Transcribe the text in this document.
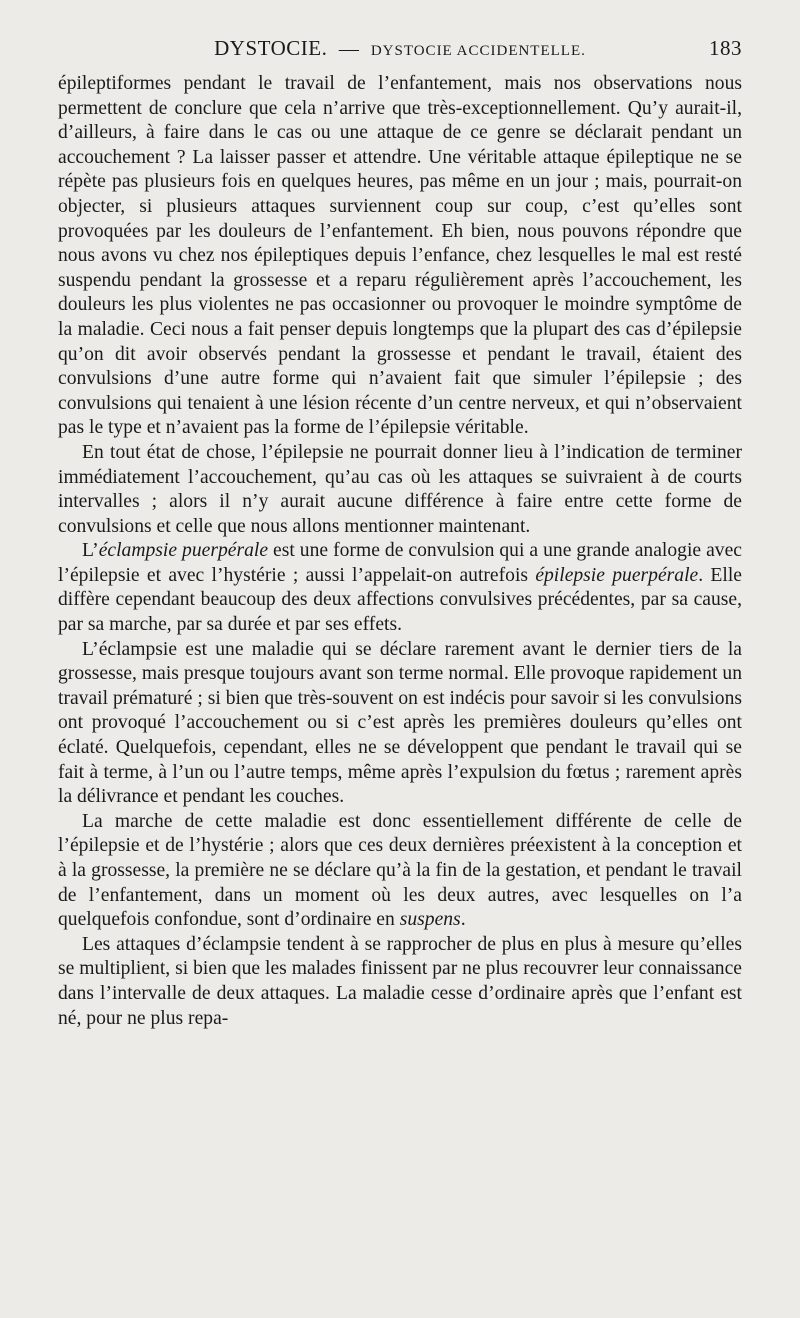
DYSTOCIE. — DYSTOCIE ACCIDENTELLE.	183

épileptiformes pendant le travail de l’enfantement, mais nos observations nous permettent de conclure que cela n’arrive que très-exceptionnellement. Qu’y aurait-il, d’ailleurs, à faire dans le cas ou une attaque de ce genre se déclarait pendant un accouchement ? La laisser passer et attendre. Une véritable attaque épileptique ne se répète pas plusieurs fois en quelques heures, pas même en un jour ; mais, pourrait-on objecter, si plusieurs attaques surviennent coup sur coup, c’est qu’elles sont provoquées par les douleurs de l’enfantement. Eh bien, nous pouvons répondre que nous avons vu chez nos épileptiques depuis l’enfance, chez lesquelles le mal est resté suspendu pendant la grossesse et a reparu régulièrement après l’accouchement, les douleurs les plus violentes ne pas occasionner ou provoquer le moindre symptôme de la maladie. Ceci nous a fait penser depuis longtemps que la plupart des cas d’épilepsie qu’on dit avoir observés pendant la grossesse et pendant le travail, étaient des convulsions d’une autre forme qui n’avaient fait que simuler l’épilepsie ; des convulsions qui tenaient à une lésion récente d’un centre nerveux, et qui n’observaient pas le type et n’avaient pas la forme de l’épilepsie véritable.

En tout état de chose, l’épilepsie ne pourrait donner lieu à l’indication de terminer immédiatement l’accouchement, qu’au cas où les attaques se suivraient à de courts intervalles ; alors il n’y aurait aucune différence à faire entre cette forme de convulsions et celle que nous allons mentionner maintenant.

L’éclampsie puerpérale est une forme de convulsion qui a une grande analogie avec l’épilepsie et avec l’hystérie ; aussi l’appelait-on autrefois épilepsie puerpérale. Elle diffère cependant beaucoup des deux affections convulsives précédentes, par sa cause, par sa marche, par sa durée et par ses effets.

L’éclampsie est une maladie qui se déclare rarement avant le dernier tiers de la grossesse, mais presque toujours avant son terme normal. Elle provoque rapidement un travail prématuré ; si bien que très-souvent on est indécis pour savoir si les convulsions ont provoqué l’accouchement ou si c’est après les premières douleurs qu’elles ont éclaté. Quelquefois, cependant, elles ne se développent que pendant le travail qui se fait à terme, à l’un ou l’autre temps, même après l’expulsion du fœtus ; rarement après la délivrance et pendant les couches.

La marche de cette maladie est donc essentiellement différente de celle de l’épilepsie et de l’hystérie ; alors que ces deux dernières préexistent à la conception et à la grossesse, la première ne se déclare qu’à la fin de la gestation, et pendant le travail de l’enfantement, dans un moment où les deux autres, avec lesquelles on l’a quelquefois confondue, sont d’ordinaire en suspens.

Les attaques d’éclampsie tendent à se rapprocher de plus en plus à mesure qu’elles se multiplient, si bien que les malades finissent par ne plus recouvrer leur connaissance dans l’intervalle de deux attaques. La maladie cesse d’ordinaire après que l’enfant est né, pour ne plus repa-
